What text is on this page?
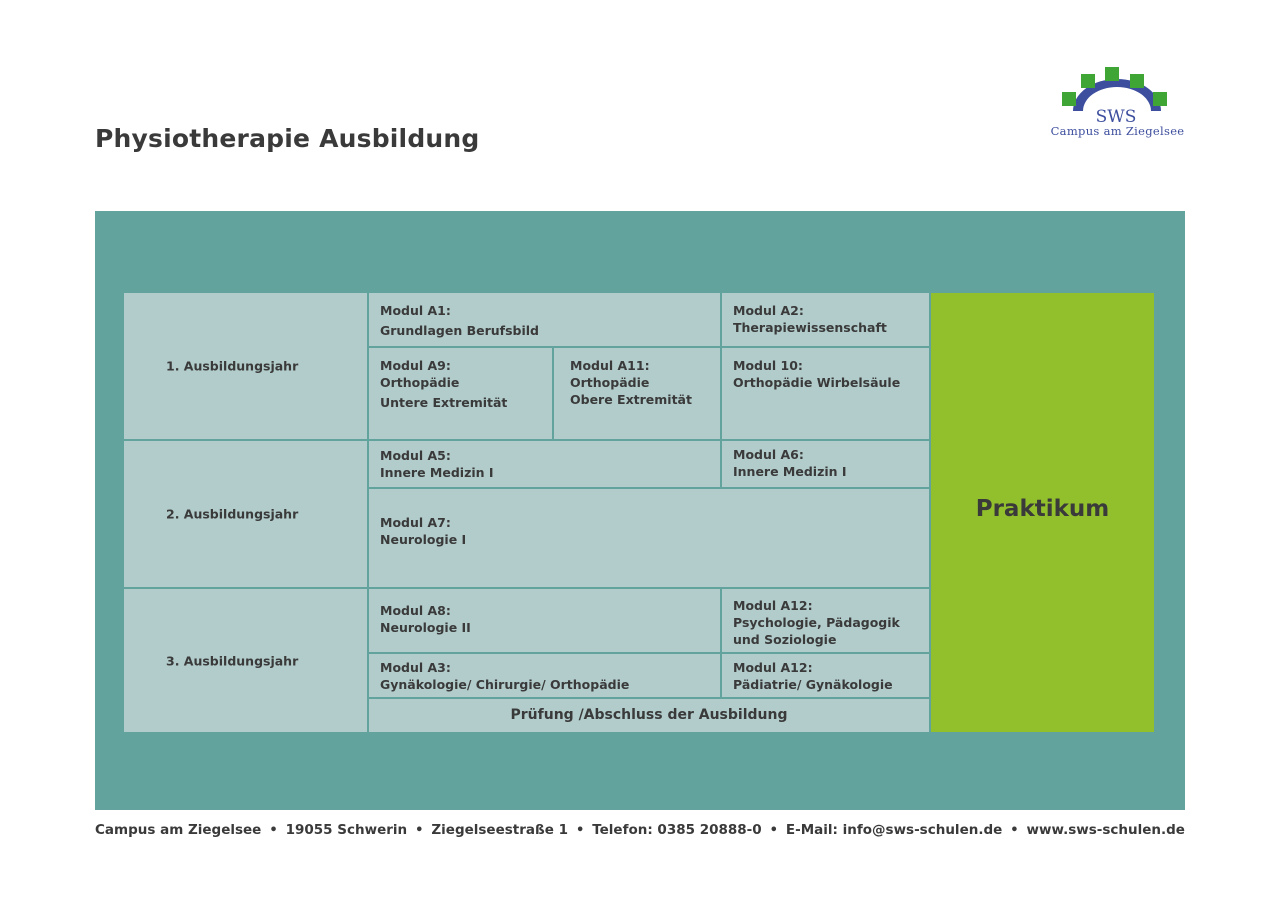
Physiotherapie Ausbildung
SWS
Campus am Ziegelsee
1. Ausbildungsjahr
2. Ausbildungsjahr
3. Ausbildungsjahr
Modul A1:
Grundlagen Berufsbild
Modul A2:
Therapiewissenschaft
Modul A9:
Orthopädie
Untere Extremität
Modul A11:
Orthopädie
Obere Extremität
Modul 10:
Orthopädie Wirbelsäule
Modul A5:
Innere Medizin I
Modul A6:
Innere Medizin I
Modul A7:
Neurologie I
Modul A8:
Neurologie II
Modul A12:
Psychologie, Pädagogik
und Soziologie
Modul A3:
Gynäkologie/ Chirurgie/ Orthopädie
Modul A12:
Pädiatrie/ Gynäkologie
Prüfung /Abschluss der Ausbildung
Praktikum
Campus am Ziegelsee • 19055 Schwerin • Ziegelseestraße 1 • Telefon: 0385 20888-0 • E-Mail: info@sws-schulen.de • www.sws-schulen.de
